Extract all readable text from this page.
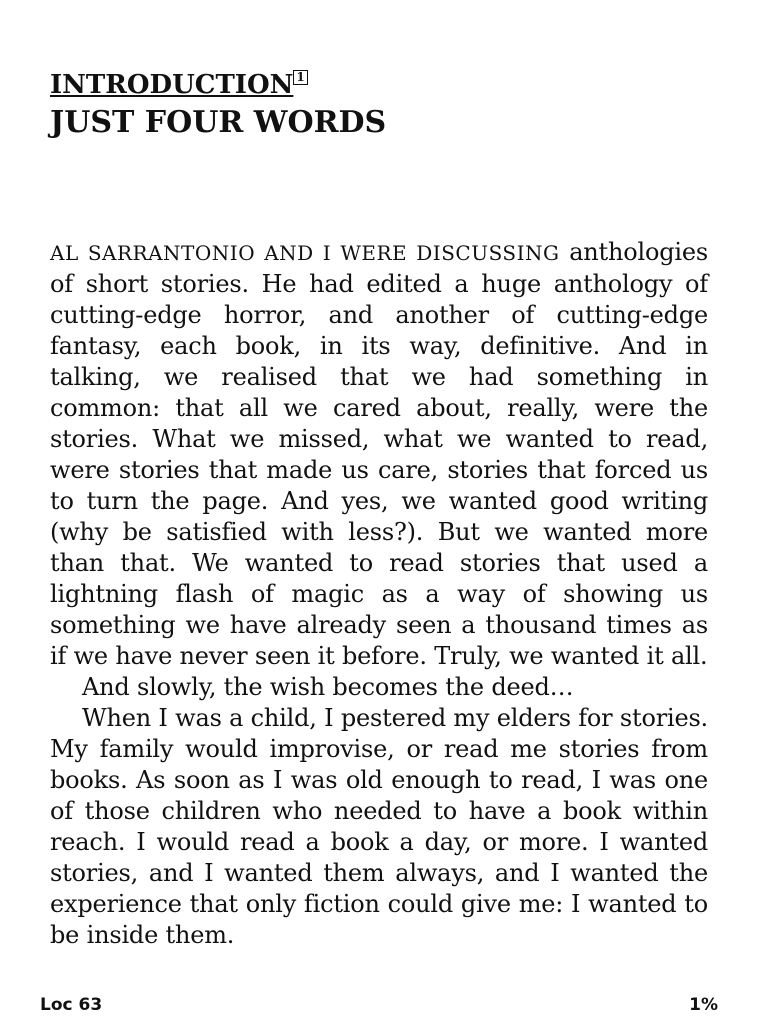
INTRODUCTION 1
JUST FOUR WORDS

AL SARRANTONIO AND I WERE DISCUSSING anthologies of short stories. He had edited a huge anthology of cutting-edge horror, and another of cutting-edge fantasy, each book, in its way, definitive. And in talking, we realised that we had something in common: that all we cared about, really, were the stories. What we missed, what we wanted to read, were stories that made us care, stories that forced us to turn the page. And yes, we wanted good writing (why be satisfied with less?). But we wanted more than that. We wanted to read stories that used a lightning flash of magic as a way of showing us something we have already seen a thousand times as if we have never seen it before. Truly, we wanted it all.

And slowly, the wish becomes the deed…

When I was a child, I pestered my elders for stories. My family would improvise, or read me stories from books. As soon as I was old enough to read, I was one of those children who needed to have a book within reach. I would read a book a day, or more. I wanted stories, and I wanted them always, and I wanted the experience that only fiction could give me: I wanted to be inside them.

Loc 63	1%
